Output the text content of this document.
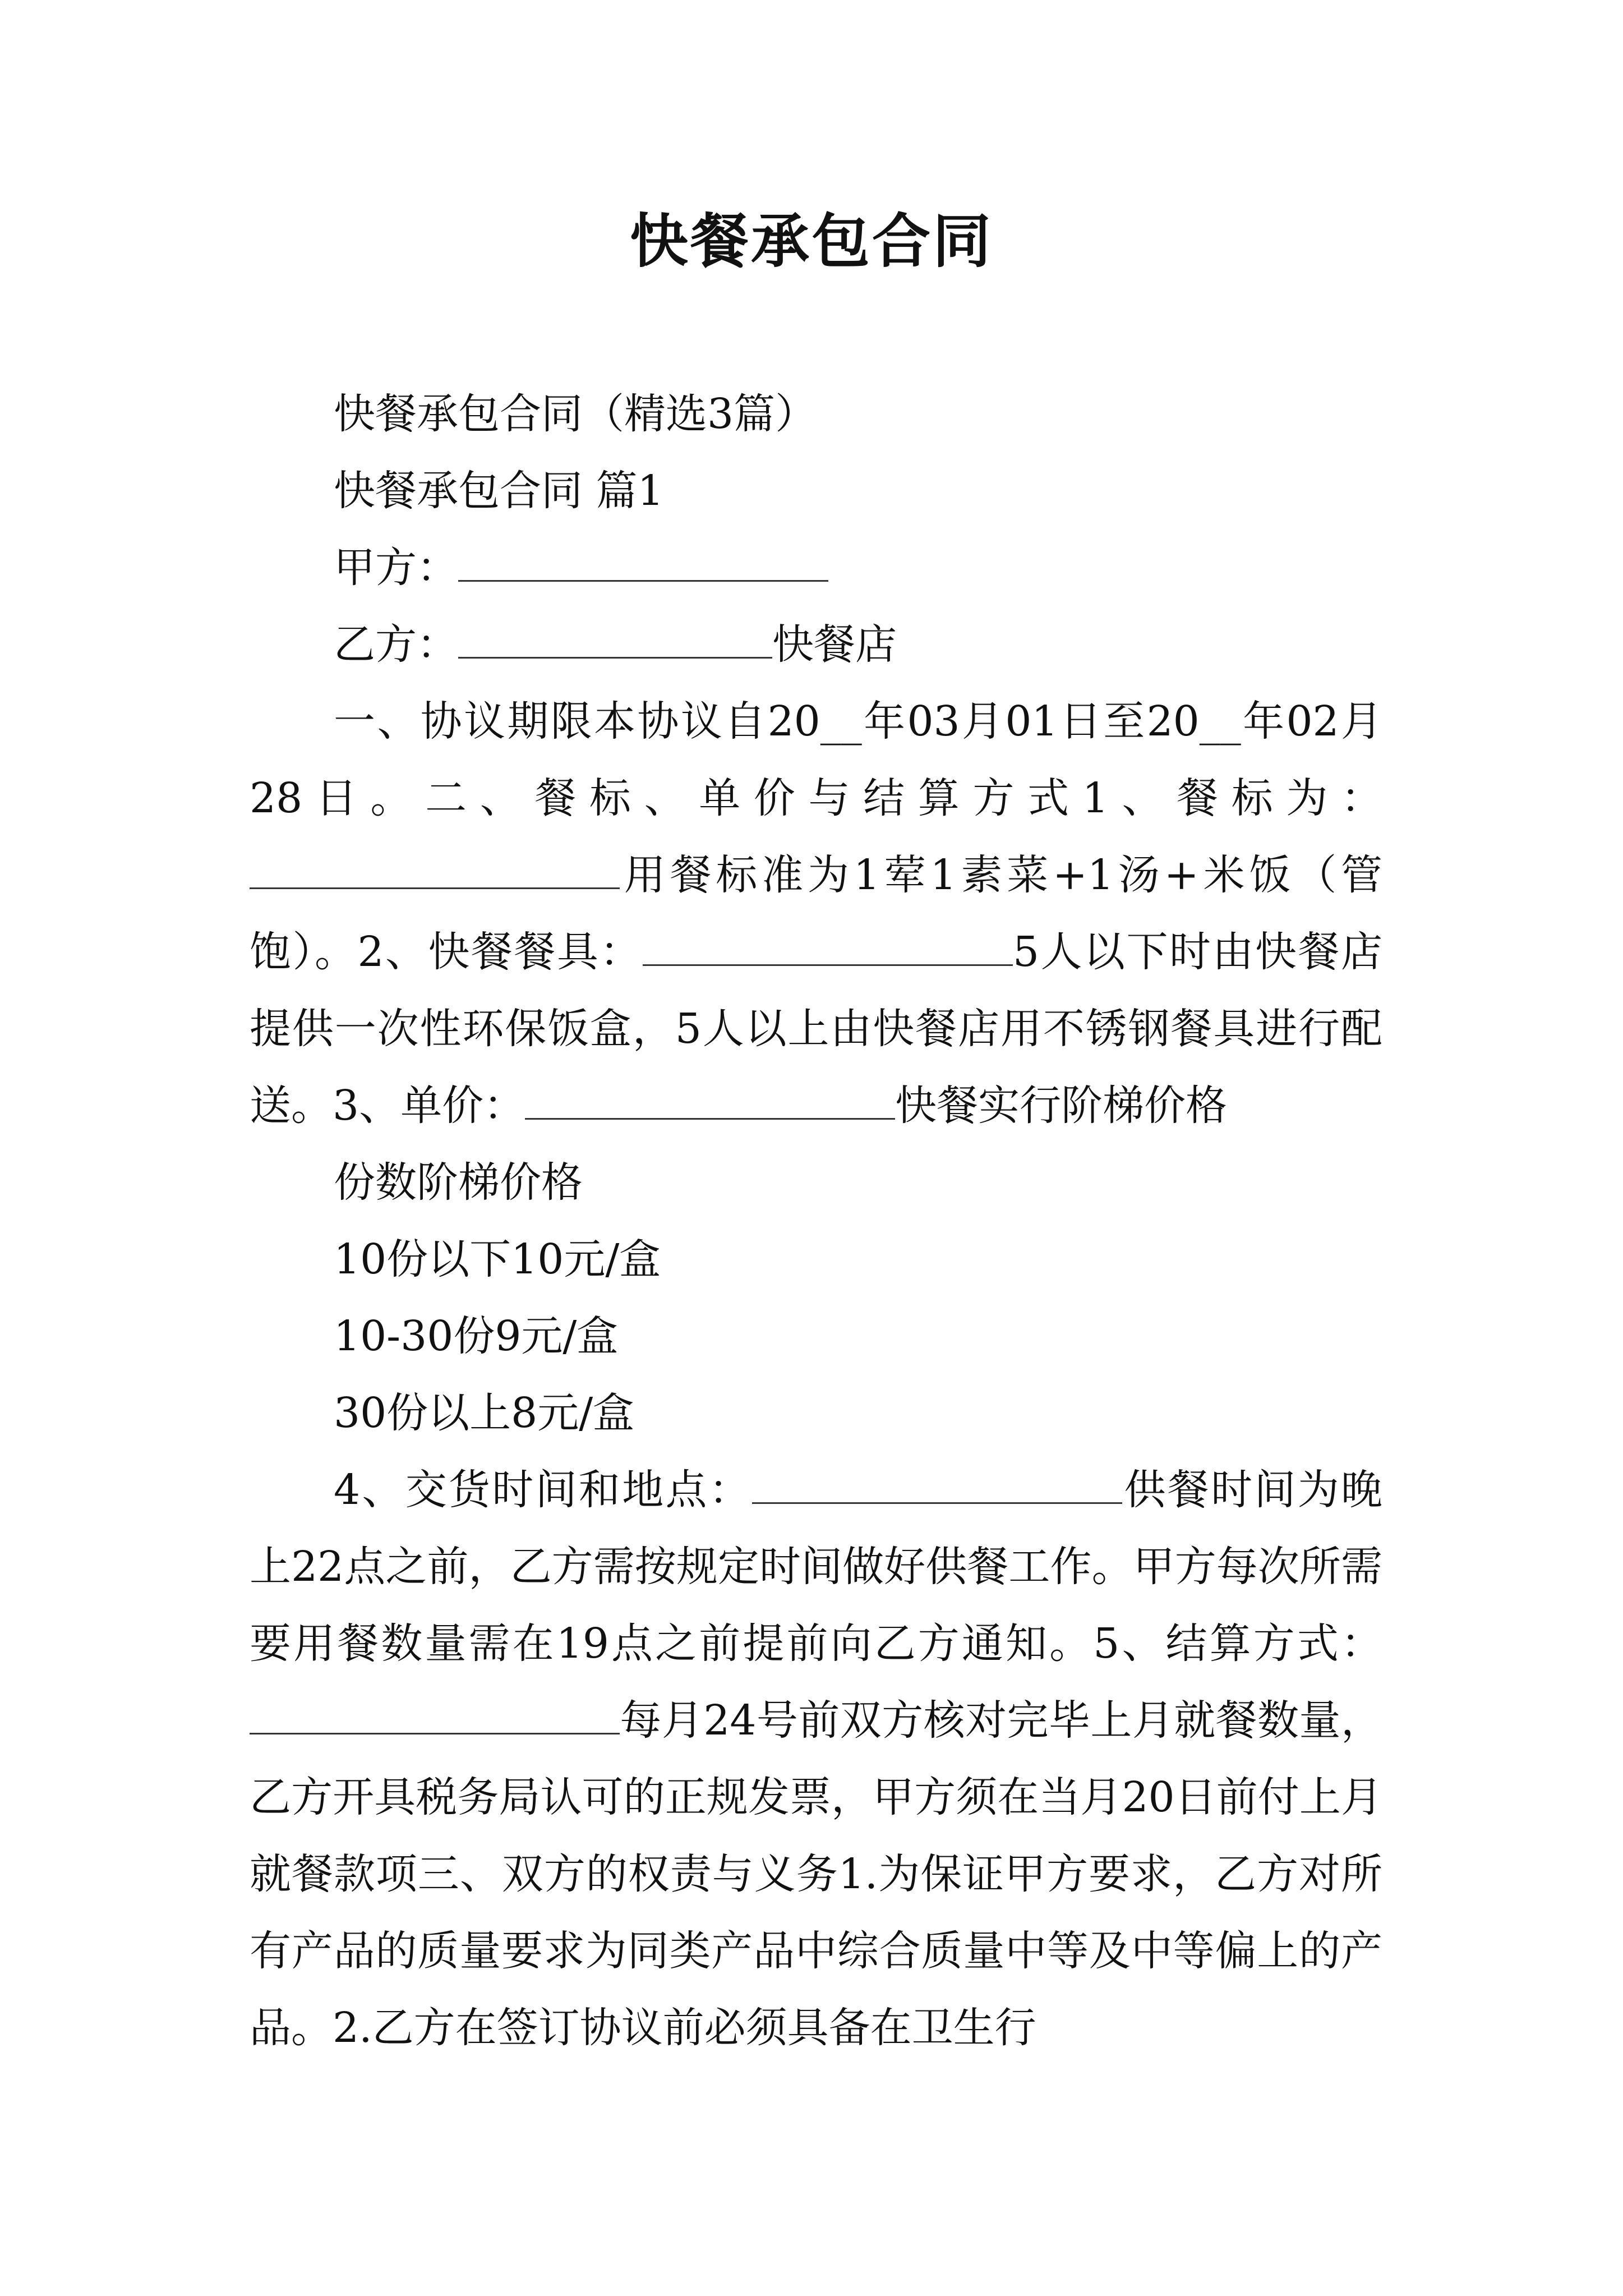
快餐承包合同

快餐承包合同（精选3篇）

快餐承包合同 篇1

甲方：

乙方：	快餐店

一、协议期限本协议自20__年03月01日至20__年02月28日。二、餐标、单价与结算方式1、餐标为：用餐标准为1荤1素菜+1汤+米饭（管饱）。2、快餐餐具：	5人以下时由快餐店提供一次性环保饭盒，5人以上由快餐店用不锈钢餐具进行配送。3、单价：	快餐实行阶梯价格

份数阶梯价格

10份以下10元/盒

10-30份9元/盒

30份以上8元/盒

4、交货时间和地点：	供餐时间为晚上22点之前，乙方需按规定时间做好供餐工作。甲方每次所需要用餐数量需在19点之前提前向乙方通知。5、结算方式：每月24号前双方核对完毕上月就餐数量，乙方开具税务局认可的正规发票，甲方须在当月20日前付上月就餐款项三、双方的权责与义务1.为保证甲方要求，乙方对所有产品的质量要求为同类产品中综合质量中等及中等偏上的产品。2.乙方在签订协议前必须具备在卫生行
